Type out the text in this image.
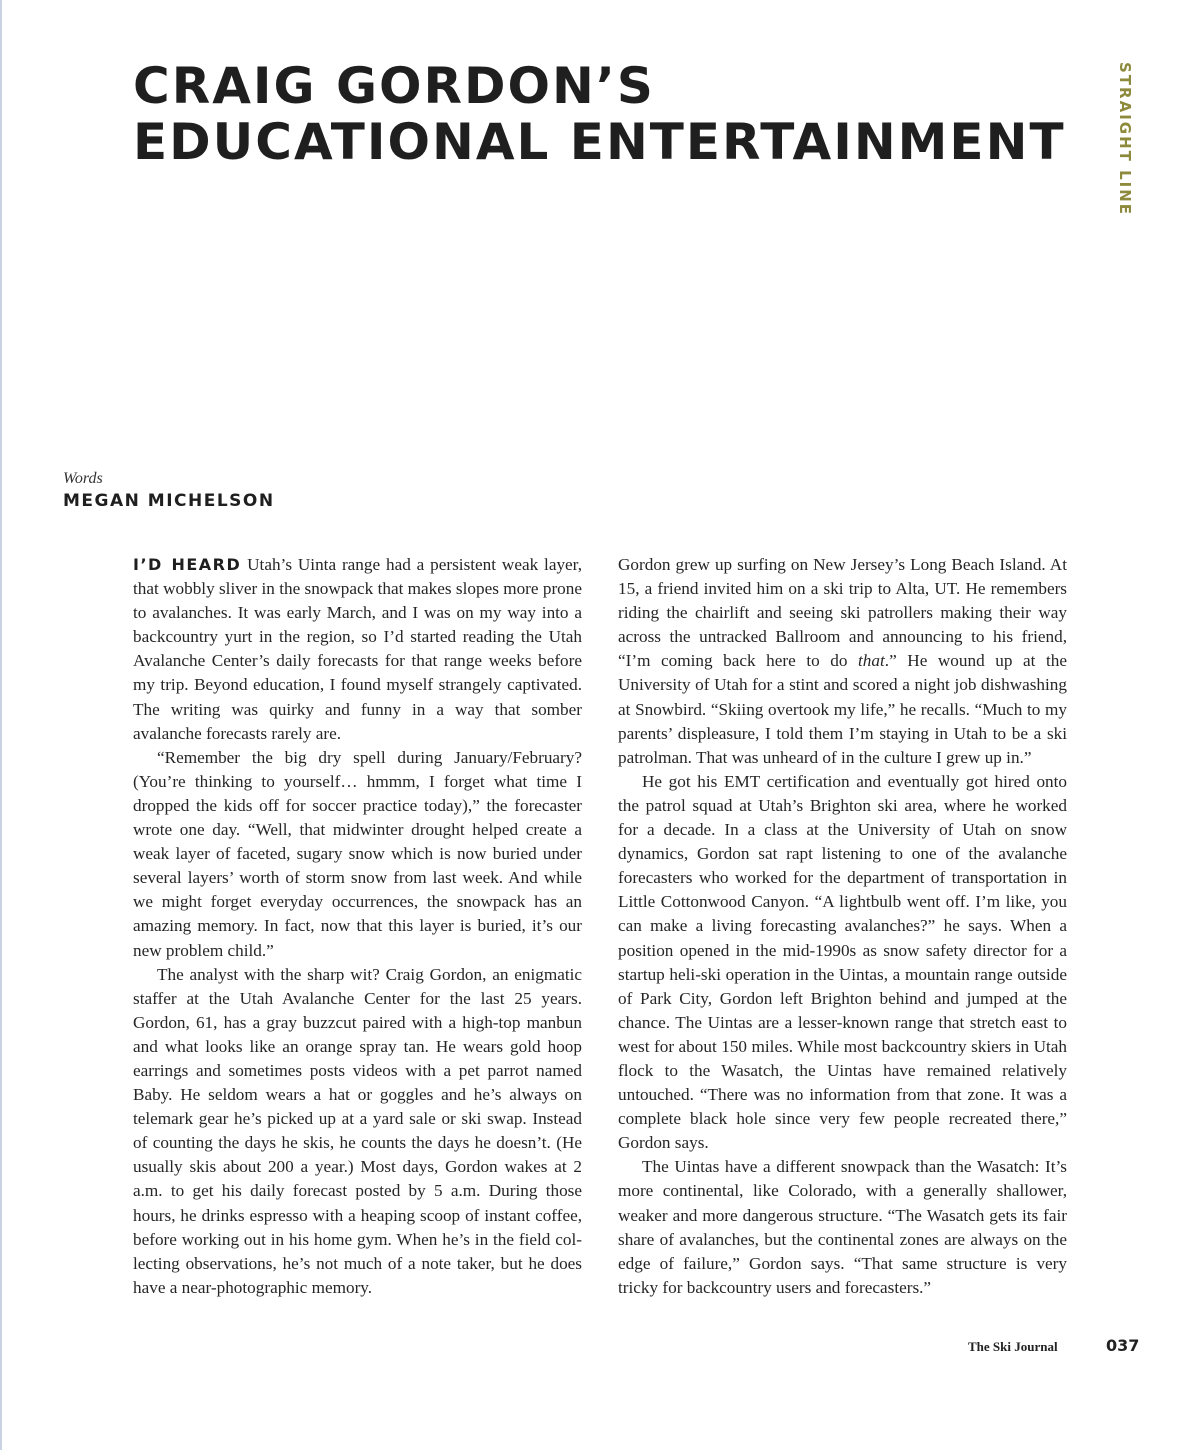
CRAIG GORDON’S
EDUCATIONAL ENTERTAINMENT	STRAIGHT LINE
Words
MEGAN MICHELSON

I’D HEARD Utah’s Uinta range had a persistent weak layer, that wobbly sliver in the snowpack that makes slopes more prone to avalanches. It was early March, and I was on my way into a backcountry yurt in the region, so I’d started reading the Utah Avalanche Center’s daily forecasts for that range weeks before my trip. Beyond education, I found myself strangely captivated. The writing was quirky and funny in a way that somber avalanche forecasts rarely are.

“Remember the big dry spell during January/February? (You’re thinking to yourself… hmmm, I forget what time I dropped the kids off for soccer practice today),” the forecaster wrote one day. “Well, that midwinter drought helped create a weak layer of faceted, sugary snow which is now buried under several layers’ worth of storm snow from last week. And while we might forget everyday occurrences, the snowpack has an amazing memory. In fact, now that this layer is buried, it’s our new problem child.”

The analyst with the sharp wit? Craig Gordon, an enigmatic staffer at the Utah Avalanche Center for the last 25 years. Gordon, 61, has a gray buzzcut paired with a high-top manbun and what looks like an orange spray tan. He wears gold hoop earrings and sometimes posts videos with a pet parrot named Baby. He seldom wears a hat or goggles and he’s always on telemark gear he’s picked up at a yard sale or ski swap. Instead of counting the days he skis, he counts the days he doesn’t. (He usually skis about 200 a year.) Most days, Gordon wakes at 2 a.m. to get his daily forecast posted by 5 a.m. During those hours, he drinks espresso with a heaping scoop of instant coffee, before working out in his home gym. When he’s in the field collecting observations, he’s not much of a note taker, but he does have a near-photographic memory.

Gordon grew up surfing on New Jersey’s Long Beach Island. At 15, a friend invited him on a ski trip to Alta, UT. He remembers riding the chairlift and seeing ski patrollers making their way across the untracked Ballroom and announcing to his friend, “I’m coming back here to do that.” He wound up at the University of Utah for a stint and scored a night job dishwashing at Snowbird. “Skiing overtook my life,” he recalls. “Much to my parents’ displeasure, I told them I’m staying in Utah to be a ski patrolman. That was unheard of in the culture I grew up in.”

He got his EMT certification and eventually got hired onto the patrol squad at Utah’s Brighton ski area, where he worked for a decade. In a class at the University of Utah on snow dynamics, Gordon sat rapt listening to one of the avalanche forecasters who worked for the department of transportation in Little Cottonwood Canyon. “A lightbulb went off. I’m like, you can make a living forecasting avalanches?” he says. When a position opened in the mid-1990s as snow safety director for a startup heli-ski operation in the Uintas, a mountain range outside of Park City, Gordon left Brighton behind and jumped at the chance. The Uintas are a lesser-known range that stretch east to west for about 150 miles. While most backcountry skiers in Utah flock to the Wasatch, the Uintas have remained relatively untouched. “There was no information from that zone. It was a complete black hole since very few people recreated there,” Gordon says.

The Uintas have a different snowpack than the Wasatch: It’s more continental, like Colorado, with a generally shallower, weaker and more dangerous structure. “The Wasatch gets its fair share of avalanches, but the continental zones are always on the edge of failure,” Gordon says. “That same structure is very tricky for backcountry users and forecasters.”

The Ski Journal	037
